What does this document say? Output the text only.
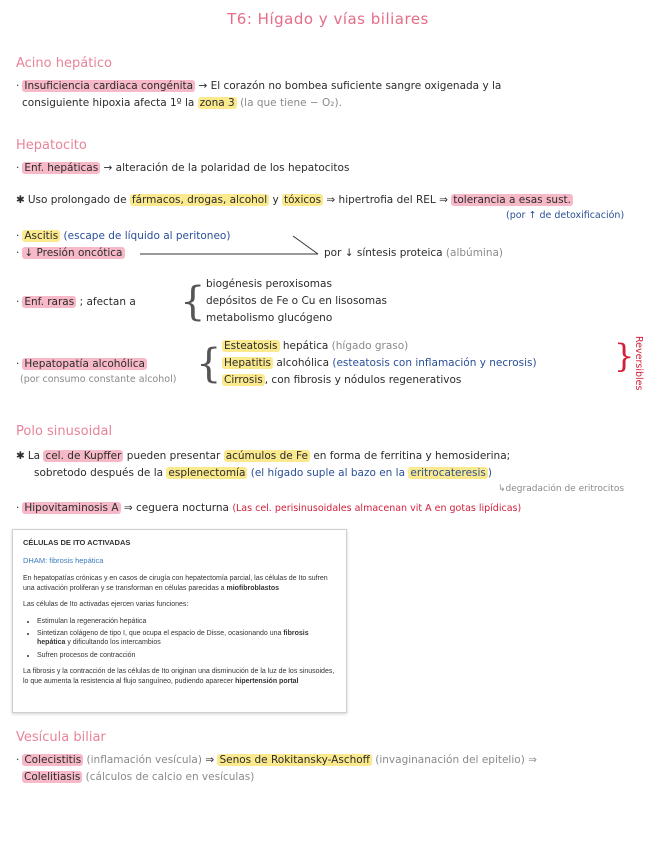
T6: Hígado y vías biliares
Acino hepático
· Insuficiencia cardiaca congénita → El corazón no bombea suficiente sangre oxigenada y la
consiguiente hipoxia afecta 1º la zona 3 (la que tiene − O₂).
Hepatocito
· Enf. hepáticas → alteración de la polaridad de los hepatocitos
✱ Uso prolongado de fármacos, drogas, alcohol y tóxicos ⇒ hipertrofia del REL ⇒ tolerancia a esas sust.
(por ↑ de detoxificación)
· Ascitis (escape de líquido al peritoneo)
· ↓ Presión oncótica	por ↓ síntesis proteica (albúmina)
· Enf. raras ; afectan a { biogénesis peroxisomas
depósitos de Fe o Cu en lisosomas
metabolismo glucógeno
· Hepatopatía alcohólica
(por consumo constante alcohol) { Esteatosis hepática (hígado graso)
Hepatitis alcohólica (esteatosis con inflamación y necrosis)
Cirrosis , con fibrosis y nódulos regenerativos
}
Reversibles
Polo sinusoidal
✱ La cel. de Kupffer pueden presentar acúmulos de Fe en forma de ferritina y hemosiderina;
sobretodo después de la esplenectomía (el hígado suple al bazo en la eritrocateresis )
↳degradación de eritrocitos
· Hipovitaminosis A ⇒ ceguera nocturna (Las cel. perisinusoidales almacenan vit A en gotas lipídicas)
CÉLULAS DE ITO ACTIVADAS
DHAM: fibrosis hepática

En hepatopatías crónicas y en casos de cirugía con hepatectomía parcial, las células de Ito sufren una activación proliferan y se transforman en células parecidas a miofibroblastos

Las células de Ito activadas ejercen varias funciones:

• Estimulan la regeneración hepática
• Sintetizan colágeno de tipo I, que ocupa el espacio de Disse, ocasionando una fibrosis hepática y dificultando los intercambios
• Sufren procesos de contracción

La fibrosis y la contracción de las células de Ito originan una disminución de la luz de los sinusoides, lo que aumenta la resistencia al flujo sanguíneo, pudiendo aparecer hipertensión portal

Vesícula biliar
· Colecistitis (inflamación vesícula) ⇒ Senos de Rokitansky-Aschoff (invaginanación del epitelio) ⇒
Colelitiasis (cálculos de calcio en vesículas)
